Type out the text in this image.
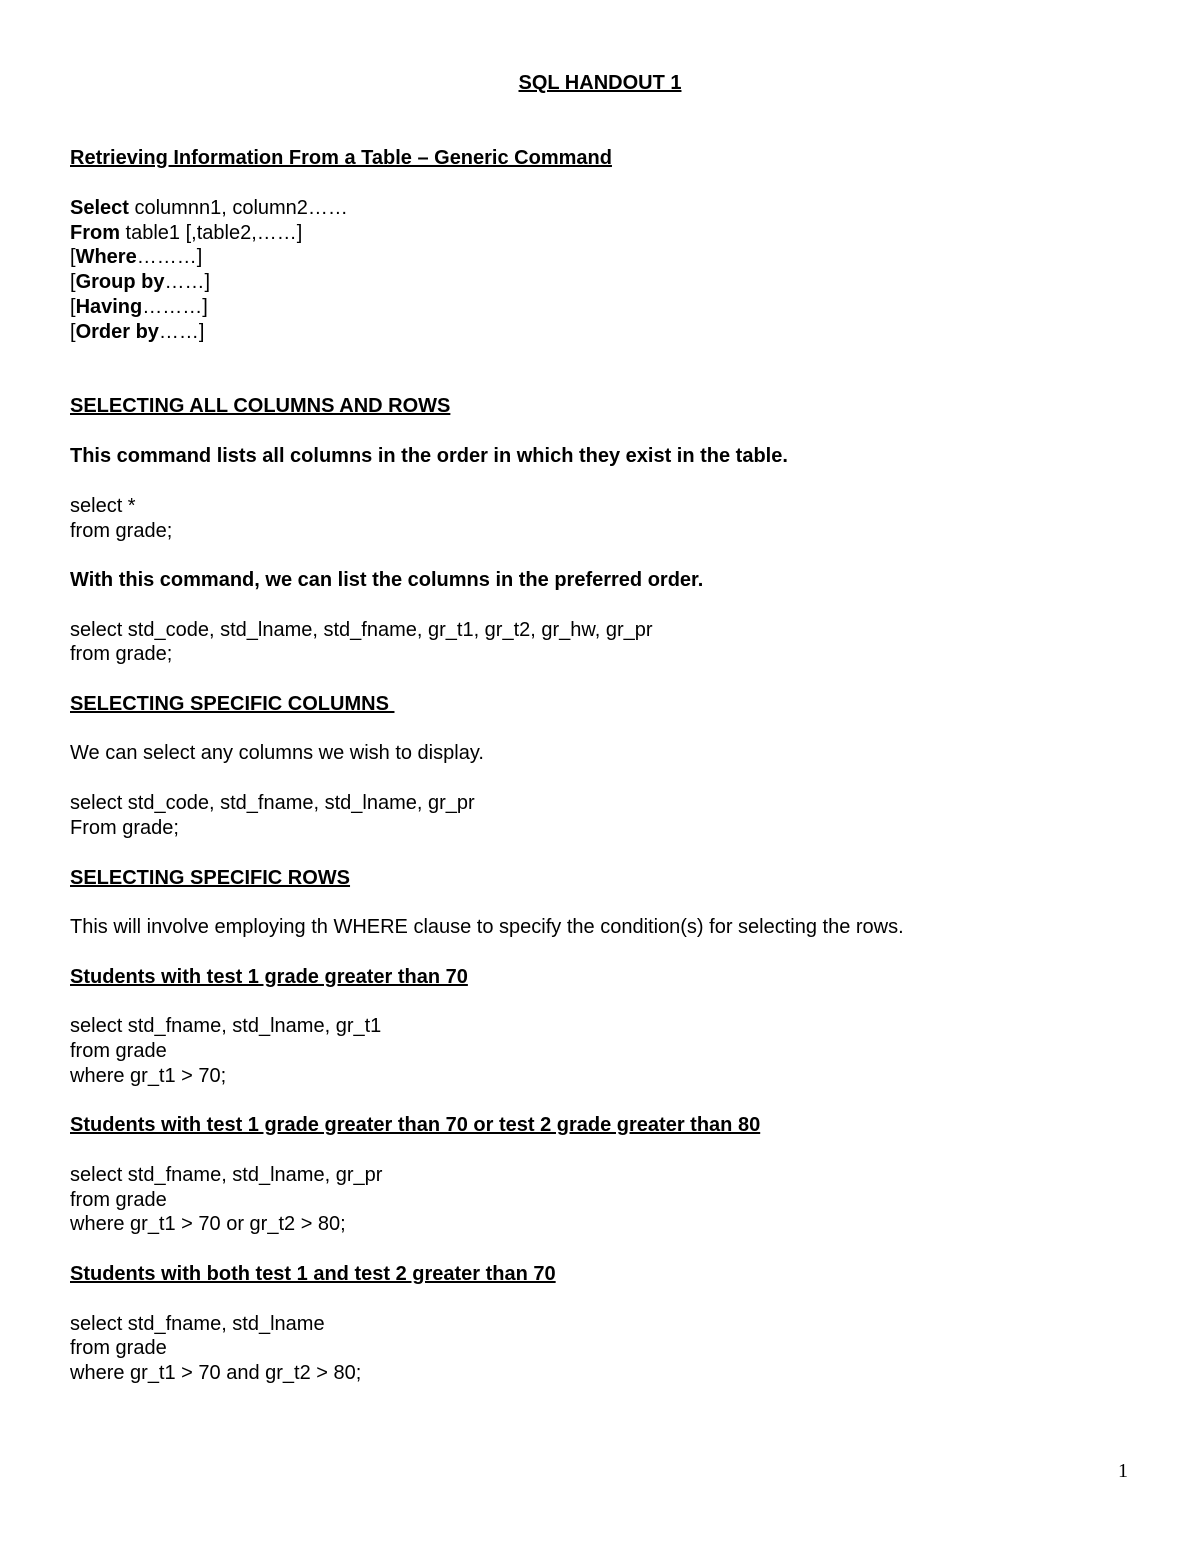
SQL HANDOUT 1

Retrieving Information From a Table – Generic Command

Select columnn1, column2……

From table1 [,table2,……]

[Where………]

[Group by……]

[Having………]

[Order by……]

SELECTING ALL COLUMNS AND ROWS

This command lists all columns in the order in which they exist in the table.

select *

from grade;

With this command, we can list the columns in the preferred order.

select std_code, std_lname, std_fname, gr_t1, gr_t2, gr_hw, gr_pr

from grade;

SELECTING SPECIFIC COLUMNS

We can select any columns we wish to display.

select std_code, std_fname, std_lname, gr_pr

From grade;

SELECTING SPECIFIC ROWS

This will involve employing th WHERE clause to specify the condition(s) for selecting the rows.

Students with test 1 grade greater than 70

select std_fname, std_lname, gr_t1

from grade

where gr_t1 > 70;

Students with test 1 grade greater than 70 or test 2 grade greater than 80

select std_fname, std_lname, gr_pr

from grade

where gr_t1 > 70 or gr_t2 > 80;

Students with both test 1 and test 2 greater than 70

select std_fname, std_lname

from grade

where gr_t1 > 70 and gr_t2 > 80;

1
